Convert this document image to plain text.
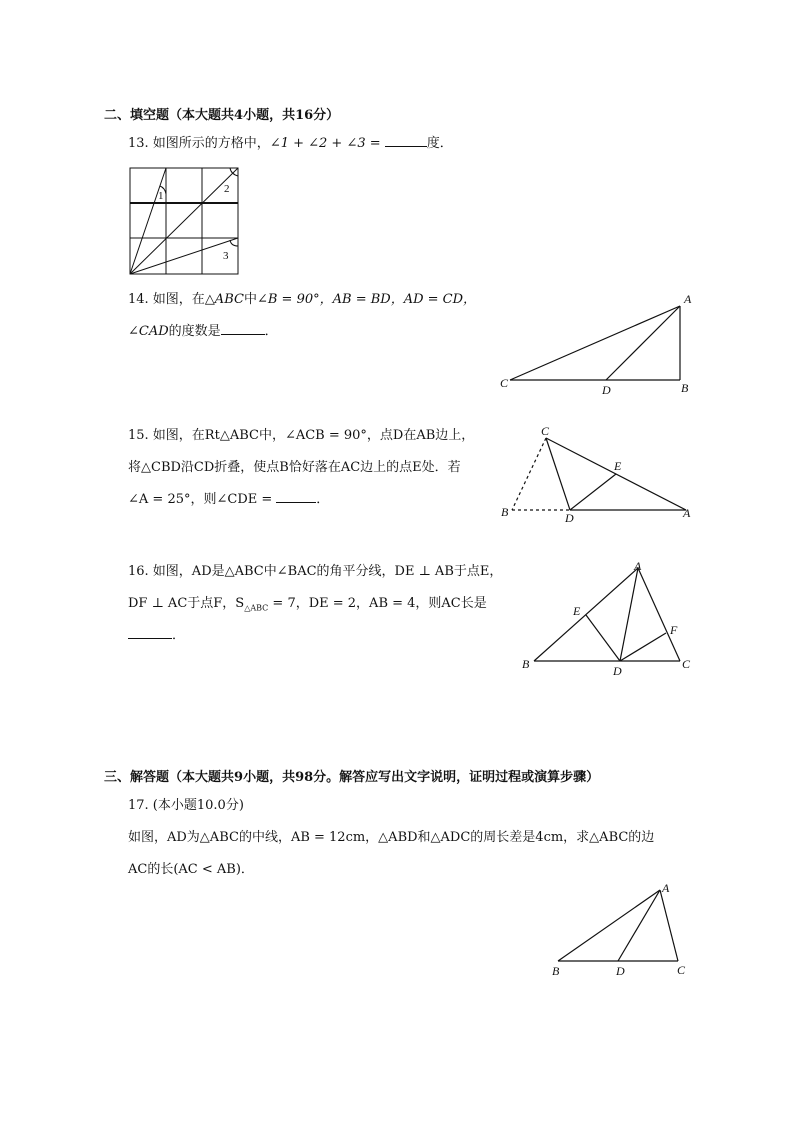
二、填空题（本大题共4小题，共16分）
13. 如图所示的方格中，∠1 + ∠2 + ∠3 =	度．
1
2
3
14. 如图，在△ABC中∠B = 90°，AB = BD，AD = CD，
∠CAD的度数是	．
A
B
C	D
15. 如图，在Rt△ABC中，∠ACB = 90°，点D在AB边上，
将△CBD沿CD折叠，使点B恰好落在AC边上的点E处．若
∠A = 25°，则∠CDE =	．
C
E
B	D	A
16. 如图，AD是△ABC中∠BAC的角平分线，DE ⊥ AB于点E，
DF ⊥ AC于点F，$S_{\triangle ABC} = 7$，DE = 2，AB = 4，则AC长是
．
A
E
F
B	D	C
三、解答题（本大题共9小题，共98分。解答应写出文字说明，证明过程或演算步骤）
17. (本小题10.0分)
如图，AD为△ABC的中线，AB = 12cm，△ABD和△ADC的周长差是4cm，求△ABC的边
AC的长(AC < AB)．
A
B	D	C
